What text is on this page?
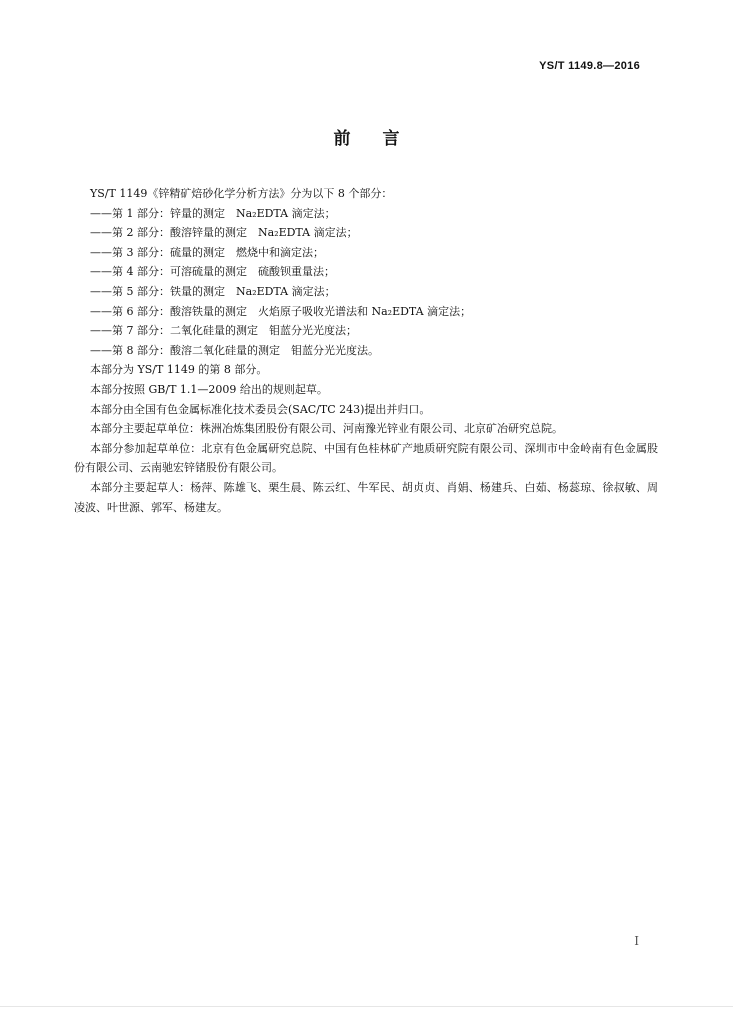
YS/T 1149.8—2016
前言

YS/T 1149《锌精矿焙砂化学分析方法》分为以下 8 个部分：

——第 1 部分：锌量的测定　Na₂EDTA 滴定法；

——第 2 部分：酸溶锌量的测定　Na₂EDTA 滴定法；

——第 3 部分：硫量的测定　燃烧中和滴定法；

——第 4 部分：可溶硫量的测定　硫酸钡重量法；

——第 5 部分：铁量的测定　Na₂EDTA 滴定法；

——第 6 部分：酸溶铁量的测定　火焰原子吸收光谱法和 Na₂EDTA 滴定法；

——第 7 部分：二氧化硅量的测定　钼蓝分光光度法；

——第 8 部分：酸溶二氧化硅量的测定　钼蓝分光光度法。

本部分为 YS/T 1149 的第 8 部分。

本部分按照 GB/T 1.1—2009 给出的规则起草。

本部分由全国有色金属标准化技术委员会(SAC/TC 243)提出并归口。

本部分主要起草单位：株洲冶炼集团股份有限公司、河南豫光锌业有限公司、北京矿冶研究总院。

本部分参加起草单位：北京有色金属研究总院、中国有色桂林矿产地质研究院有限公司、深圳市中金岭南有色金属股份有限公司、云南驰宏锌锗股份有限公司。

本部分主要起草人：杨萍、陈雄飞、栗生晨、陈云红、牛军民、胡贞贞、肖娟、杨建兵、白茹、杨蕊琼、徐叔敏、周凌波、叶世源、郭军、杨建友。

I
